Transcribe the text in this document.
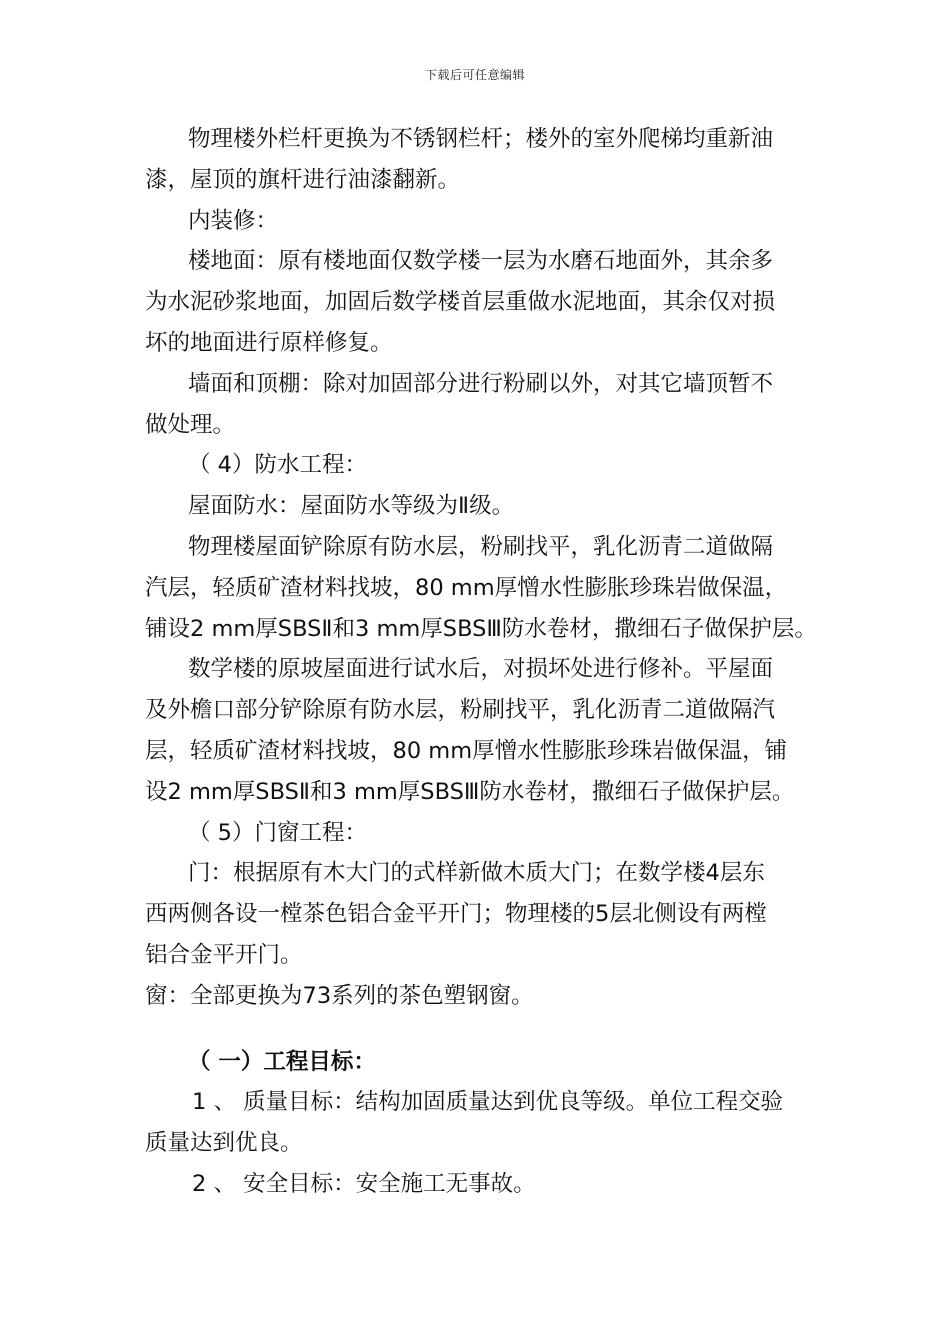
下载后可任意编辑

物理楼外栏杆更换为不锈钢栏杆；楼外的室外爬梯均重新油
漆，屋顶的旗杆进行油漆翻新。

内装修：

楼地面：原有楼地面仅数学楼一层为水磨石地面外，其余多
为水泥砂浆地面，加固后数学楼首层重做水泥地面，其余仅对损
坏的地面进行原样修复。

墙面和顶棚：除对加固部分进行粉刷以外，对其它墙顶暂不
做处理。

（ 4）防水工程：

屋面防水：屋面防水等级为Ⅱ级。

物理楼屋面铲除原有防水层，粉刷找平，乳化沥青二道做隔
汽层，轻质矿渣材料找坡，80 mm厚憎水性膨胀珍珠岩做保温，
铺设2 mm厚SBSⅡ和3 mm厚SBSⅢ防水卷材，撒细石子做保护层。

数学楼的原坡屋面进行试水后，对损坏处进行修补。平屋面
及外檐口部分铲除原有防水层，粉刷找平，乳化沥青二道做隔汽
层，轻质矿渣材料找坡，80 mm厚憎水性膨胀珍珠岩做保温，铺
设2 mm厚SBSⅡ和3 mm厚SBSⅢ防水卷材，撒细石子做保护层。

（ 5）门窗工程：

门：根据原有木大门的式样新做木质大门；在数学楼4层东
西两侧各设一樘茶色铝合金平开门；物理楼的5层北侧设有两樘
铝合金平开门。

窗：全部更换为73系列的茶色塑钢窗。

（ 一）工程目标：

1 、 质量目标：结构加固质量达到优良等级。单位工程交验
质量达到优良。

2 、 安全目标：安全施工无事故。
